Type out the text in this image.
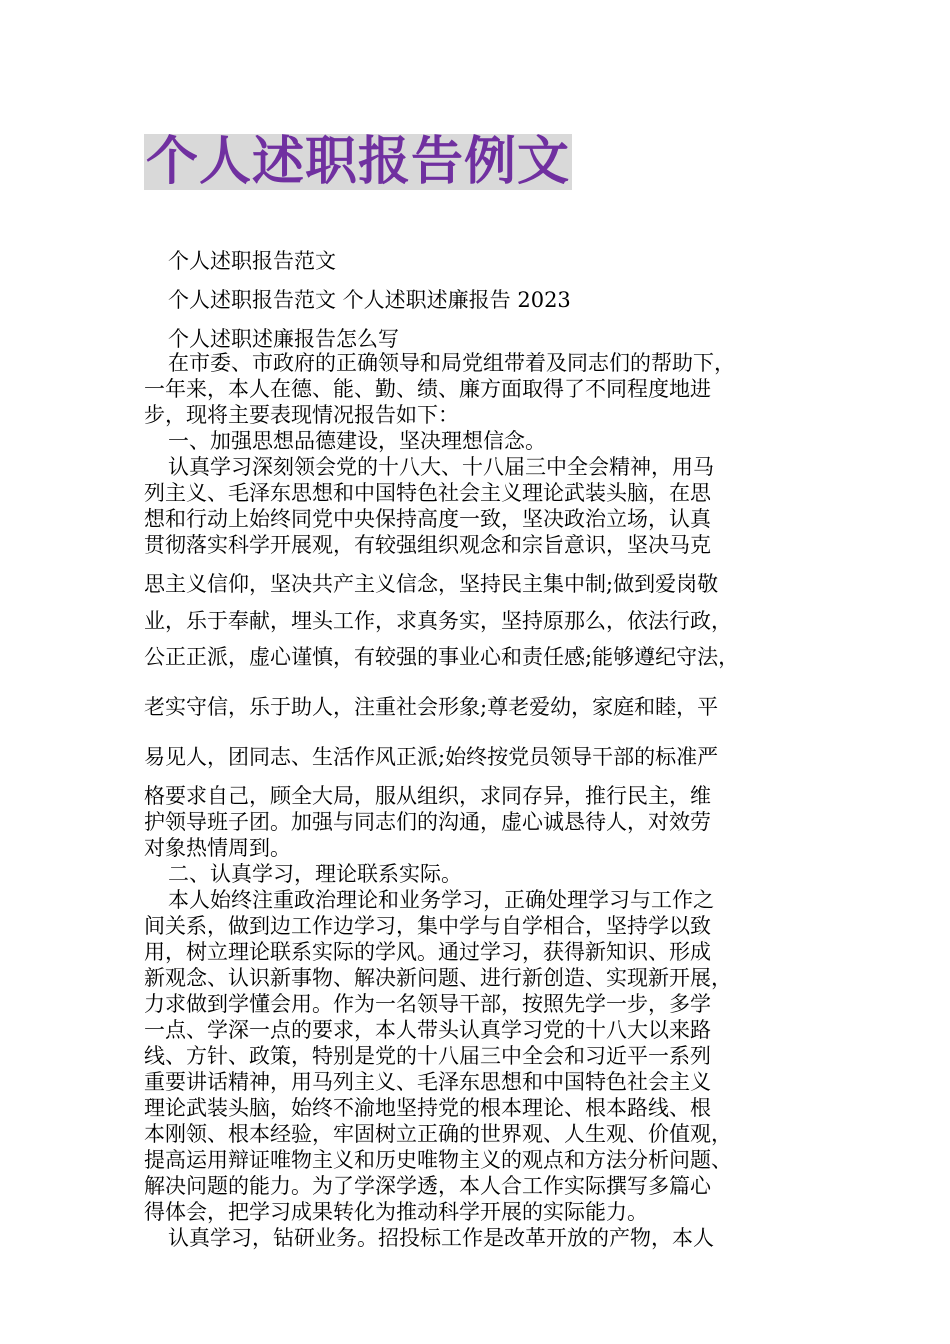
个人述职报告例文
个人述职报告范文
个人述职报告范文 个人述职述廉报告 2023
个人述职述廉报告怎么写
在市委、市政府的正确领导和局党组带着及同志们的帮助下，
一年来，本人在德、能、勤、绩、廉方面取得了不同程度地进
步，现将主要表现情况报告如下：
一、加强思想品德建设，坚决理想信念。
认真学习深刻领会党的十八大、十八届三中全会精神，用马
列主义、毛泽东思想和中国特色社会主义理论武装头脑，在思
想和行动上始终同党中央保持高度一致，坚决政治立场，认真
贯彻落实科学开展观，有较强组织观念和宗旨意识，坚决马克
思主义信仰，坚决共产主义信念，坚持民主集中制;做到爱岗敬
业，乐于奉献，埋头工作，求真务实，坚持原那么，依法行政，
公正正派，虚心谨慎，有较强的事业心和责任感;能够遵纪守法，
老实守信，乐于助人，注重社会形象;尊老爱幼，家庭和睦，平
易见人，团同志、生活作风正派;始终按党员领导干部的标准严
格要求自己，顾全大局，服从组织，求同存异，推行民主，维
护领导班子团。加强与同志们的沟通，虚心诚恳待人，对效劳
对象热情周到。
二、认真学习，理论联系实际。
本人始终注重政治理论和业务学习，正确处理学习与工作之
间关系，做到边工作边学习，集中学与自学相合，坚持学以致
用，树立理论联系实际的学风。通过学习，获得新知识、形成
新观念、认识新事物、解决新问题、进行新创造、实现新开展，
力求做到学懂会用。作为一名领导干部，按照先学一步，多学
一点、学深一点的要求，本人带头认真学习党的十八大以来路
线、方针、政策，特别是党的十八届三中全会和习近平一系列
重要讲话精神，用马列主义、毛泽东思想和中国特色社会主义
理论武装头脑，始终不渝地坚持党的根本理论、根本路线、根
本刚领、根本经验，牢固树立正确的世界观、人生观、价值观，
提高运用辩证唯物主义和历史唯物主义的观点和方法分析问题、
解决问题的能力。为了学深学透，本人合工作实际撰写多篇心
得体会，把学习成果转化为推动科学开展的实际能力。
认真学习，钻研业务。招投标工作是改革开放的产物，本人
